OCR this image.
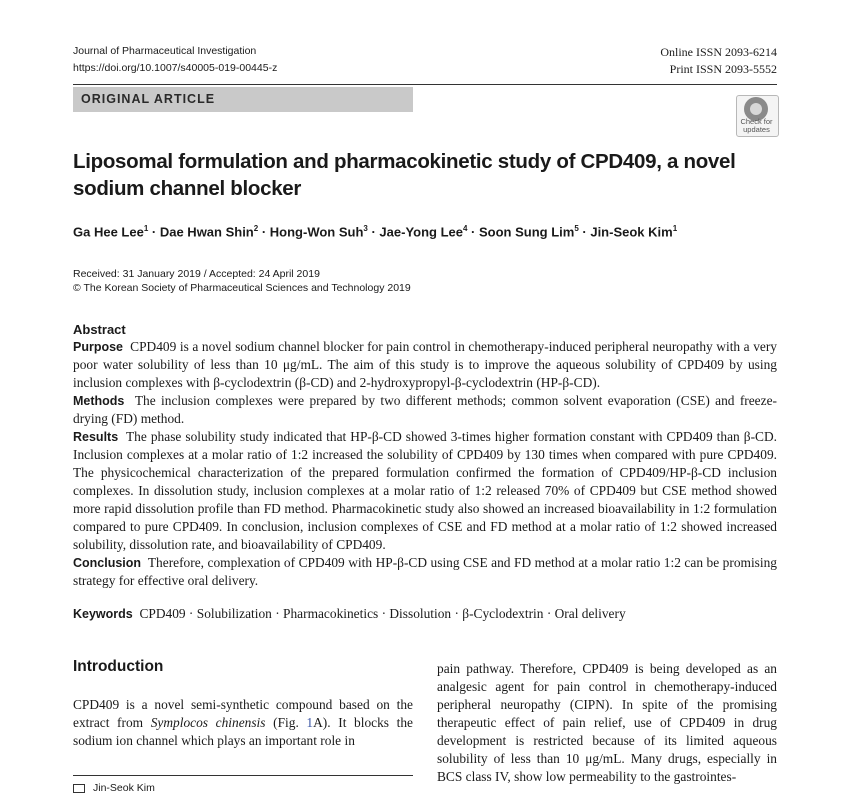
Journal of Pharmaceutical Investigation
https://doi.org/10.1007/s40005-019-00445-z
Online ISSN 2093-6214
Print ISSN 2093-5552
ORIGINAL ARTICLE
Check for updates
Liposomal formulation and pharmacokinetic study of CPD409, a novel sodium channel blocker
Ga Hee Lee$^1$ · Dae Hwan Shin$^2$ · Hong-Won Suh$^3$ · Jae-Yong Lee$^4$ · Soon Sung Lim$^5$ · Jin-Seok Kim$^1$
Received: 31 January 2019 / Accepted: 24 April 2019
© The Korean Society of Pharmaceutical Sciences and Technology 2019
Abstract

Purpose CPD409 is a novel sodium channel blocker for pain control in chemotherapy-induced peripheral neuropathy with a very poor water solubility of less than 10 μg/mL. The aim of this study is to improve the aqueous solubility of CPD409 by using inclusion complexes with β-cyclodextrin (β-CD) and 2-hydroxypropyl-β-cyclodextrin (HP-β-CD).

Methods The inclusion complexes were prepared by two different methods; common solvent evaporation (CSE) and freeze-drying (FD) method.

Results The phase solubility study indicated that HP-β-CD showed 3-times higher formation constant with CPD409 than β-CD. Inclusion complexes at a molar ratio of 1:2 increased the solubility of CPD409 by 130 times when compared with pure CPD409. The physicochemical characterization of the prepared formulation confirmed the formation of CPD409/HP-β-CD inclusion complexes. In dissolution study, inclusion complexes at a molar ratio of 1:2 released 70% of CPD409 but CSE method showed more rapid dissolution profile than FD method. Pharmacokinetic study also showed an increased bioavailability in 1:2 formulation compared to pure CPD409. In conclusion, inclusion complexes of CSE and FD method at a molar ratio of 1:2 showed increased solubility, dissolution rate, and bioavailability of CPD409.

Conclusion Therefore, complexation of CPD409 with HP-β-CD using CSE and FD method at a molar ratio 1:2 can be promising strategy for effective oral delivery.

Keywords CPD409 · Solubilization · Pharmacokinetics · Dissolution · β-Cyclodextrin · Oral delivery
Introduction
CPD409 is a novel semi-synthetic compound based on the extract from Symplocos chinensis (Fig. 1A). It blocks the sodium ion channel which plays an important role in
pain pathway. Therefore, CPD409 is being developed as an analgesic agent for pain control in chemotherapy-induced peripheral neuropathy (CIPN). In spite of the promising therapeutic effect of pain relief, use of CPD409 in drug development is restricted because of its limited aqueous solubility of less than 10 μg/mL. Many drugs, especially in BCS class IV, show low permeability to the gastrointes-
Jin-Seok Kim
